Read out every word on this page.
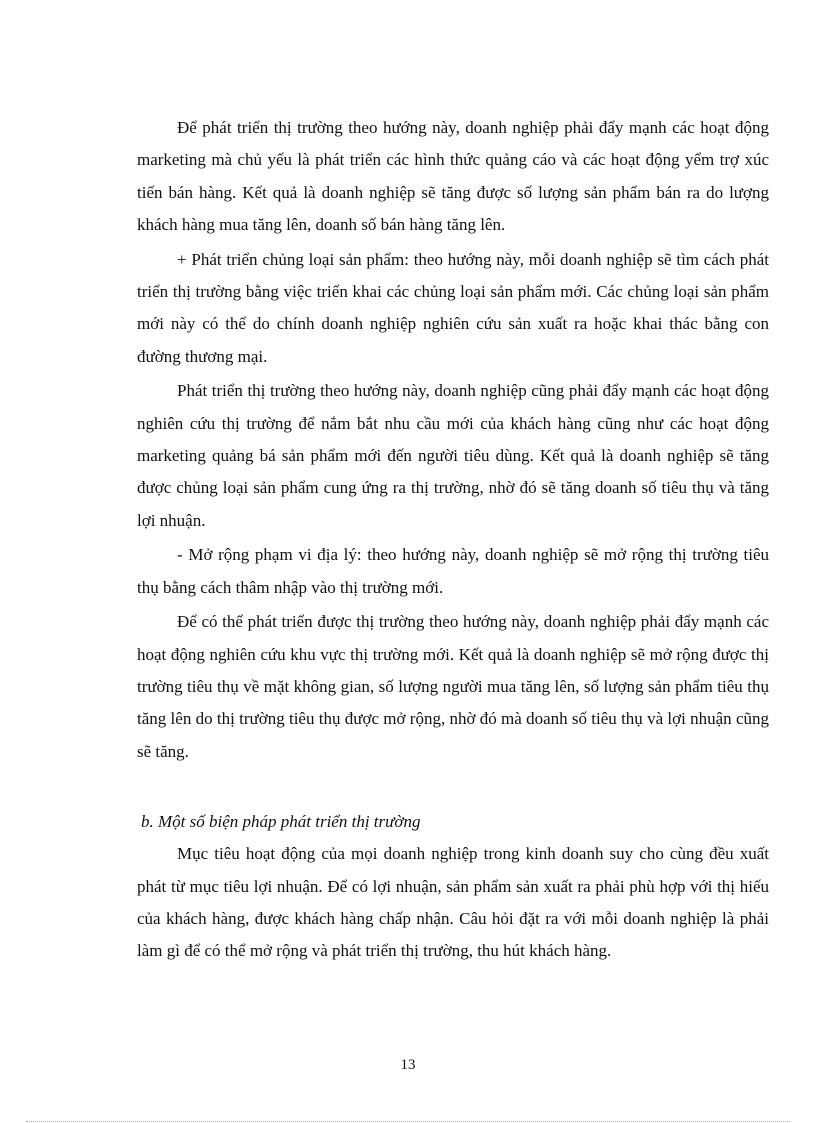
Để phát triển thị trường theo hướng này, doanh nghiệp phải đẩy mạnh các hoạt động marketing mà chủ yếu là phát triển các hình thức quảng cáo và các hoạt động yểm trợ xúc tiến bán hàng. Kết quả là doanh nghiệp sẽ tăng được số lượng sản phẩm bán ra do lượng khách hàng mua tăng lên, doanh số bán hàng tăng lên.

+ Phát triển chủng loại sản phẩm: theo hướng này, mỗi doanh nghiệp sẽ tìm cách phát triển thị trường bằng việc triển khai các chủng loại sản phẩm mới. Các chủng loại sản phẩm mới này có thể do chính doanh nghiệp nghiên cứu sản xuất ra hoặc khai thác bằng con đường thương mại.

Phát triển thị trường theo hướng này, doanh nghiệp cũng phải đẩy mạnh các hoạt động nghiên cứu thị trường để nắm bắt nhu cầu mới của khách hàng cũng như các hoạt động marketing quảng bá sản phẩm mới đến người tiêu dùng. Kết quả là doanh nghiệp sẽ tăng được chủng loại sản phẩm cung ứng ra thị trường, nhờ đó sẽ tăng doanh số tiêu thụ và tăng lợi nhuận.

- Mở rộng phạm vi địa lý: theo hướng này, doanh nghiệp sẽ mở rộng thị trường tiêu thụ bằng cách thâm nhập vào thị trường mới.

Để có thể phát triển được thị trường theo hướng này, doanh nghiệp phải đẩy mạnh các hoạt động nghiên cứu khu vực thị trường mới. Kết quả là doanh nghiệp sẽ mở rộng được thị trường tiêu thụ về mặt không gian, số lượng người mua tăng lên, số lượng sản phẩm tiêu thụ tăng lên do thị trường tiêu thụ được mở rộng, nhờ đó mà doanh số tiêu thụ và lợi nhuận cũng sẽ tăng.

b. Một số biện pháp phát triển thị trường

Mục tiêu hoạt động của mọi doanh nghiệp trong kinh doanh suy cho cùng đều xuất phát từ mục tiêu lợi nhuận. Để có lợi nhuận, sản phẩm sản xuất ra phải phù hợp với thị hiếu của khách hàng, được khách hàng chấp nhận. Câu hỏi đặt ra với mỗi doanh nghiệp là phải làm gì để có thể mở rộng và phát triển thị trường, thu hút khách hàng.

13
